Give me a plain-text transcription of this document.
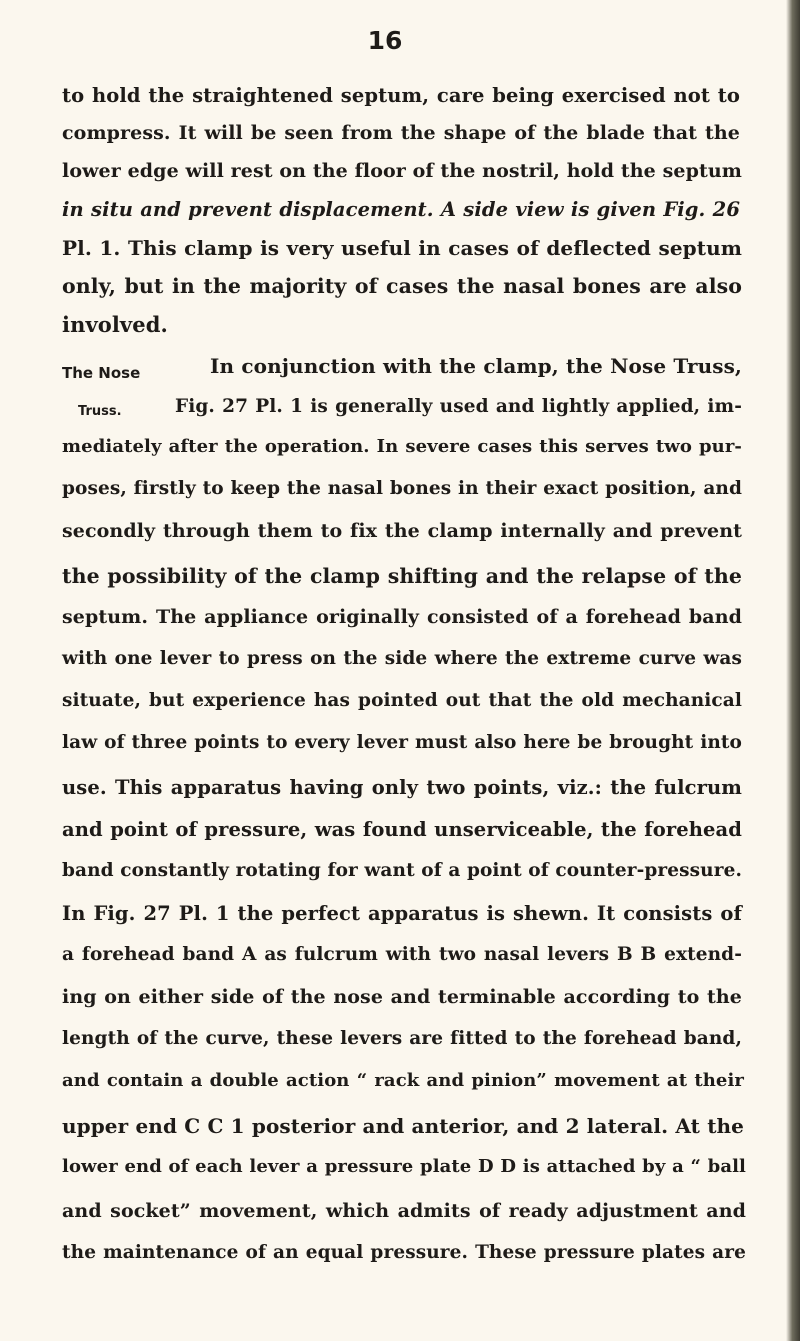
16
The Nose
Truss.
to hold the straightened septum, care being exercised not to
compress. It will be seen from the shape of the blade that the
lower edge will rest on the floor of the nostril, hold the septum
in situ and prevent displacement. A side view is given Fig. 26
Pl. 1. This clamp is very useful in cases of deflected septum
only, but in the majority of cases the nasal bones are also
involved.
In conjunction with the clamp, the Nose Truss,
Fig. 27 Pl. 1 is generally used and lightly applied, im-
mediately after the operation. In severe cases this serves two pur-
poses, firstly to keep the nasal bones in their exact position, and
secondly through them to fix the clamp internally and prevent
the possibility of the clamp shifting and the relapse of the
septum. The appliance originally consisted of a forehead band
with one lever to press on the side where the extreme curve was
situate, but experience has pointed out that the old mechanical
law of three points to every lever must also here be brought into
use. This apparatus having only two points, viz.: the fulcrum
and point of pressure, was found unserviceable, the forehead
band constantly rotating for want of a point of counter-pressure.
In Fig. 27 Pl. 1 the perfect apparatus is shewn. It consists of
a forehead band A as fulcrum with two nasal levers B B extend-
ing on either side of the nose and terminable according to the
length of the curve, these levers are fitted to the forehead band,
and contain a double action “ rack and pinion” movement at their
upper end C C 1 posterior and anterior, and 2 lateral. At the
lower end of each lever a pressure plate D D is attached by a “ ball
and socket” movement, which admits of ready adjustment and
the maintenance of an equal pressure. These pressure plates are
